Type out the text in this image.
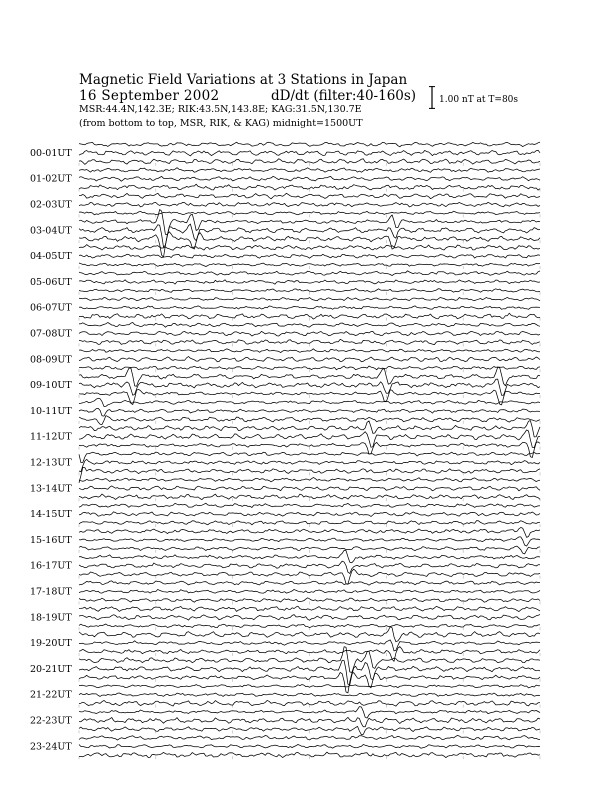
Magnetic Field Variations at 3 Stations in Japan
16 September 2002	dD/dt (filter:40-160s)
MSR:44.4N,142.3E; RIK:43.5N,143.8E; KAG:31.5N,130.7E
(from bottom to top, MSR, RIK, & KAG) midnight=1500UT
1.00 nT at T=80s
00-01UT
01-02UT
02-03UT
03-04UT
04-05UT
05-06UT
06-07UT
07-08UT
08-09UT
09-10UT
10-11UT
11-12UT
12-13UT
13-14UT
14-15UT
15-16UT
16-17UT
17-18UT
18-19UT
19-20UT
20-21UT
21-22UT
22-23UT
23-24UT
